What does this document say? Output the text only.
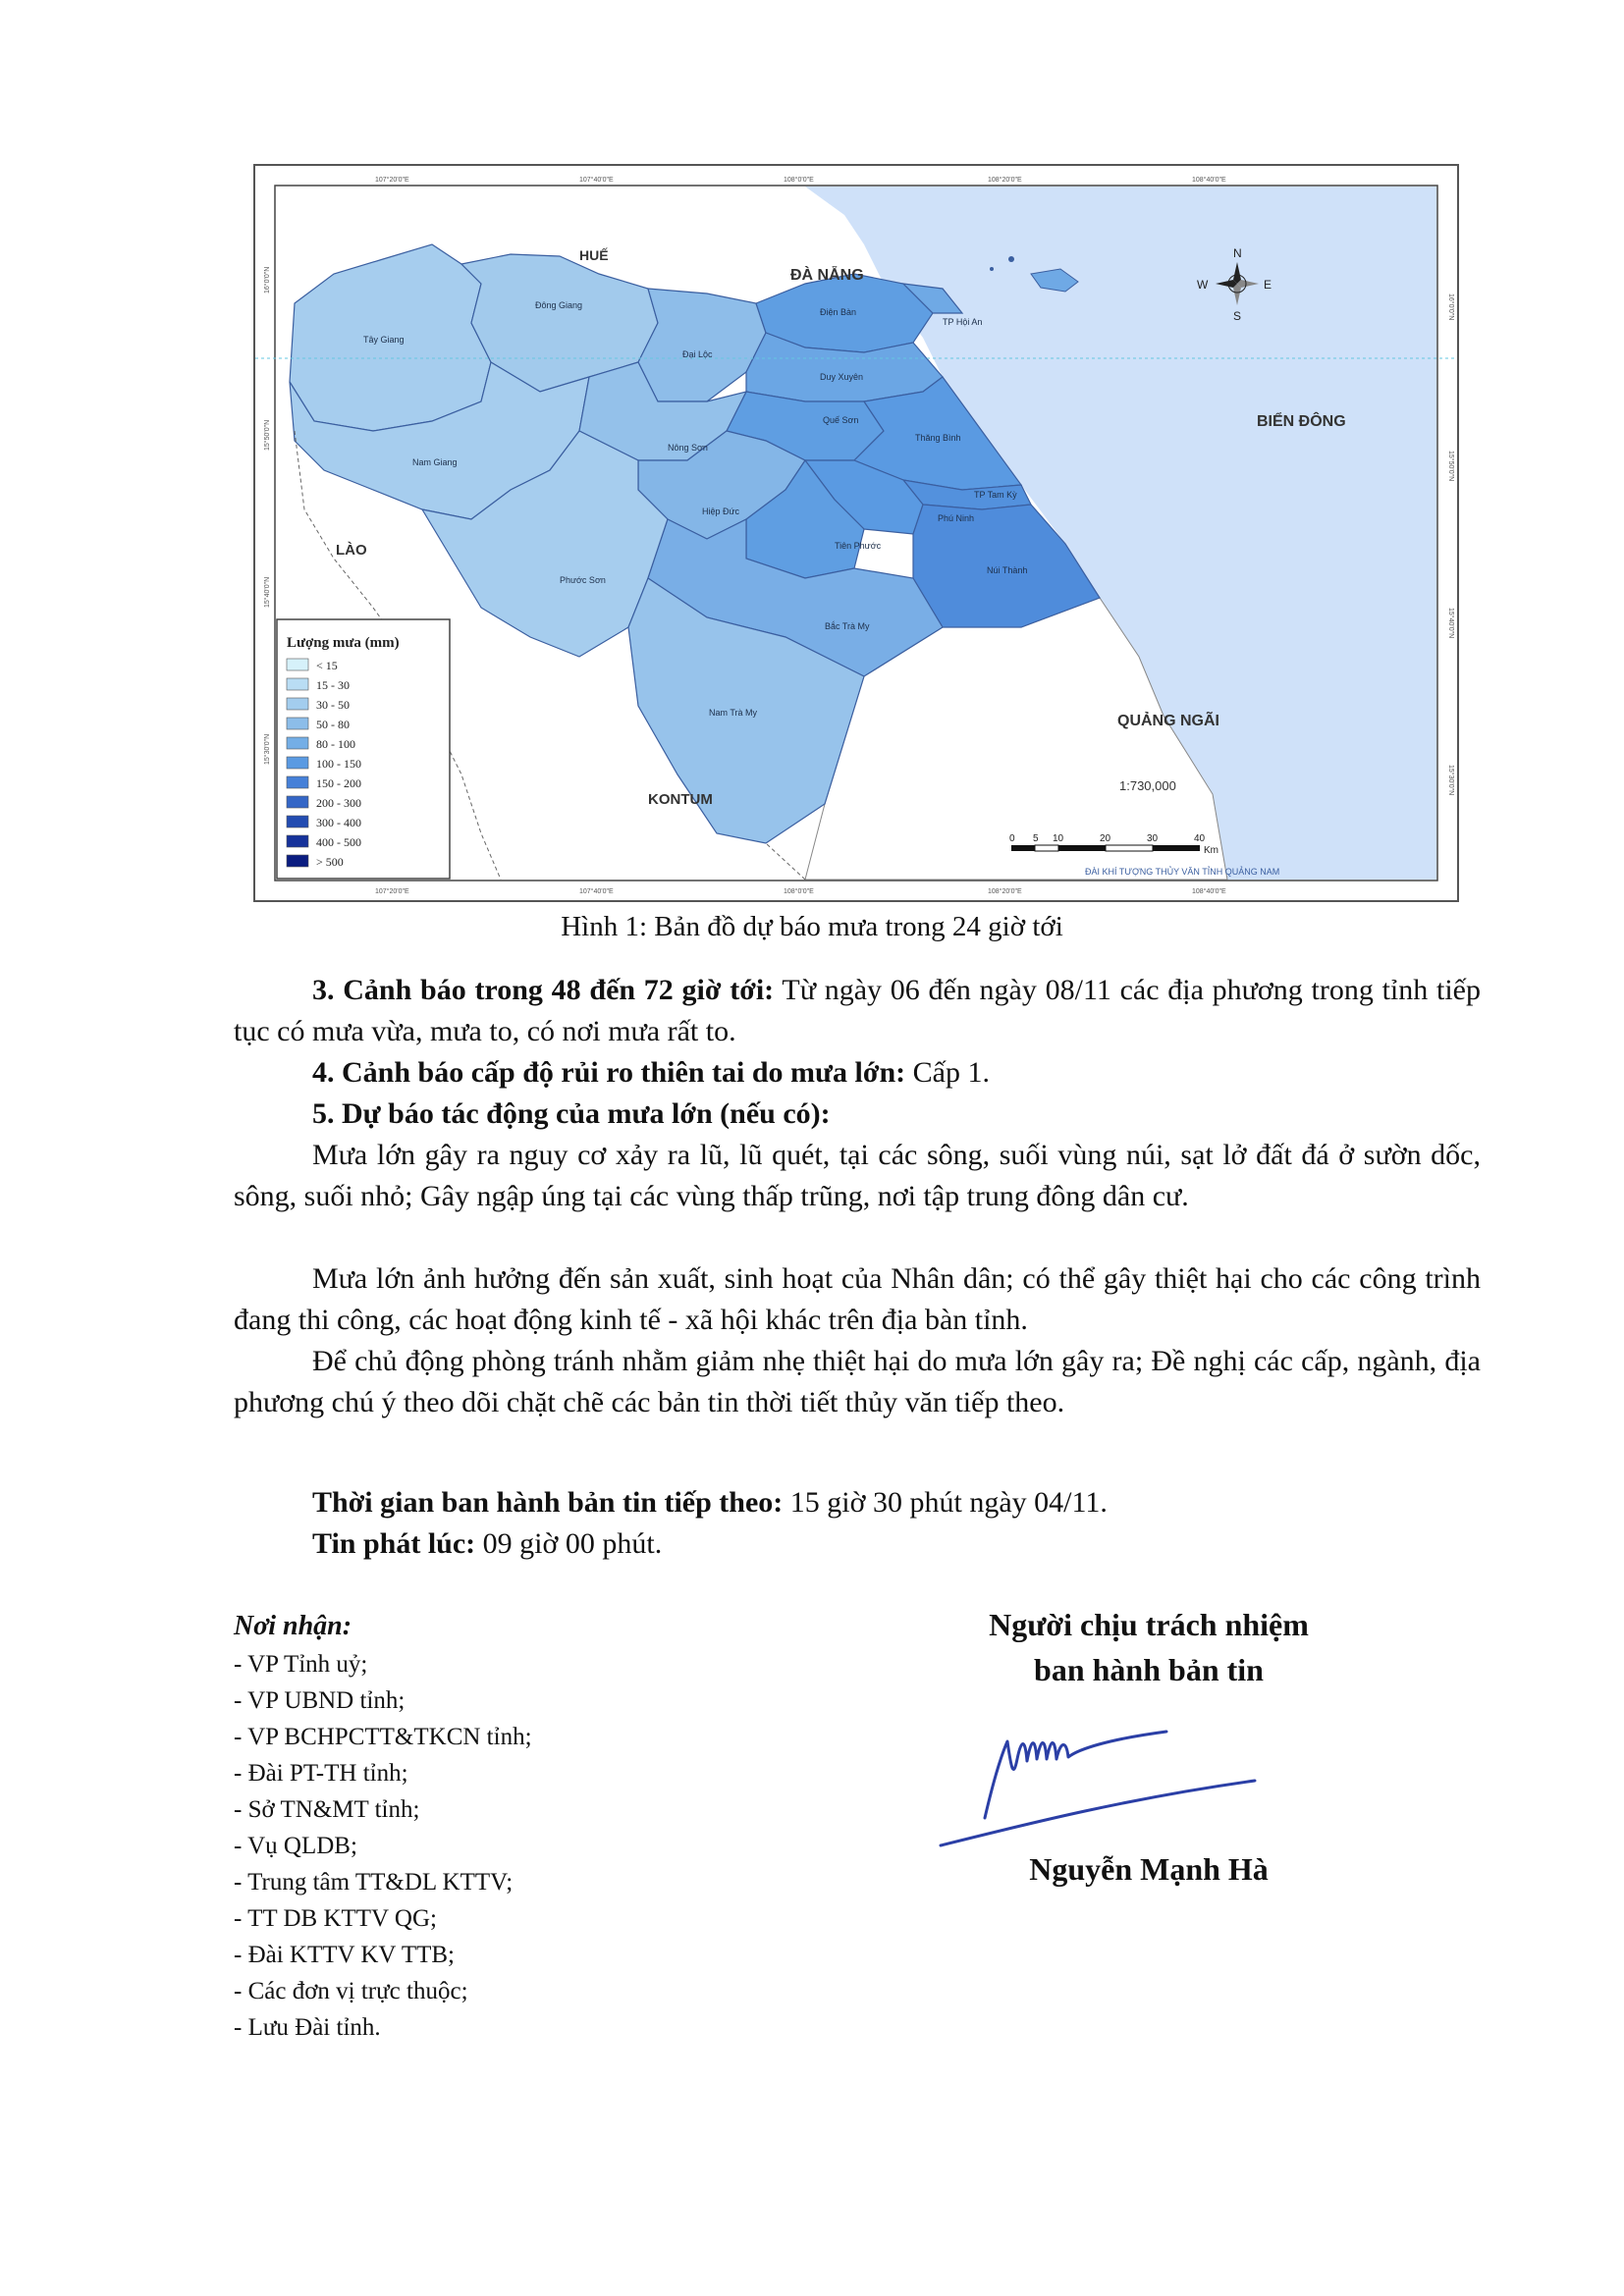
107°20'0"E	107°40'0"E	108°0'0"E	108°20'0"E	108°40'0"E
107°20'0"E	107°40'0"E	108°0'0"E	108°20'0"E	108°40'0"E
16°0'0"N
15°50'0"N
15°40'0"N
15°30'0"N
16°0'0"N
15°50'0"N
15°40'0"N
15°30'0"N
HUẾ
ĐÀ NẴNG
BIỂN ĐÔNG
LÀO
QUẢNG NGÃI
KONTUM
Tây Giang
Đông Giang
Đại Lộc
Điện Bàn
TP Hội An
Duy Xuyên
Quế Sơn
Thăng Bình
Nam Giang
Nông Sơn
Hiệp Đức
TP Tam Kỳ
Phú Ninh
Tiên Phước
Phước Sơn
Núi Thành
Bắc Trà My
Nam Trà My
N
S
E
W
Lượng mưa (mm)
< 15
15 - 30
30 - 50
50 - 80
80 - 100
100 - 150
150 - 200
200 - 300
300 - 400
400 - 500
> 500
1:730,000
0 5 10	20	30	40
Km
ĐÀI KHÍ TƯỢNG THỦY VĂN TỈNH QUẢNG NAM
Hình 1: Bản đồ dự báo mưa trong 24 giờ tới

3. Cảnh báo trong 48 đến 72 giờ tới: Từ ngày 06 đến ngày 08/11 các địa phương trong tỉnh tiếp tục có mưa vừa, mưa to, có nơi mưa rất to.

4. Cảnh báo cấp độ rủi ro thiên tai do mưa lớn: Cấp 1.

5. Dự báo tác động của mưa lớn (nếu có):

Mưa lớn gây ra nguy cơ xảy ra lũ, lũ quét, tại các sông, suối vùng núi, sạt lở đất đá ở sườn dốc, sông, suối nhỏ; Gây ngập úng tại các vùng thấp trũng, nơi tập trung đông dân cư.

Mưa lớn ảnh hưởng đến sản xuất, sinh hoạt của Nhân dân; có thể gây thiệt hại cho các công trình đang thi công, các hoạt động kinh tế - xã hội khác trên địa bàn tỉnh.

Để chủ động phòng tránh nhằm giảm nhẹ thiệt hại do mưa lớn gây ra; Đề nghị các cấp, ngành, địa phương chú ý theo dõi chặt chẽ các bản tin thời tiết thủy văn tiếp theo.

Thời gian ban hành bản tin tiếp theo: 15 giờ 30 phút ngày 04/11.

Tin phát lúc: 09 giờ 00 phút.

Nơi nhận:
- VP Tỉnh uỷ;
- VP UBND tỉnh;
- VP BCHPCTT&TKCN tỉnh;
- Đài PT-TH tỉnh;
- Sở TN&MT tỉnh;
- Vụ QLDB;
- Trung tâm TT&DL KTTV;
- TT DB KTTV QG;
- Đài KTTV KV TTB;
- Các đơn vị trực thuộc;
- Lưu Đài tỉnh.
Người chịu trách nhiệm
ban hành bản tin
Nguyễn Mạnh Hà
